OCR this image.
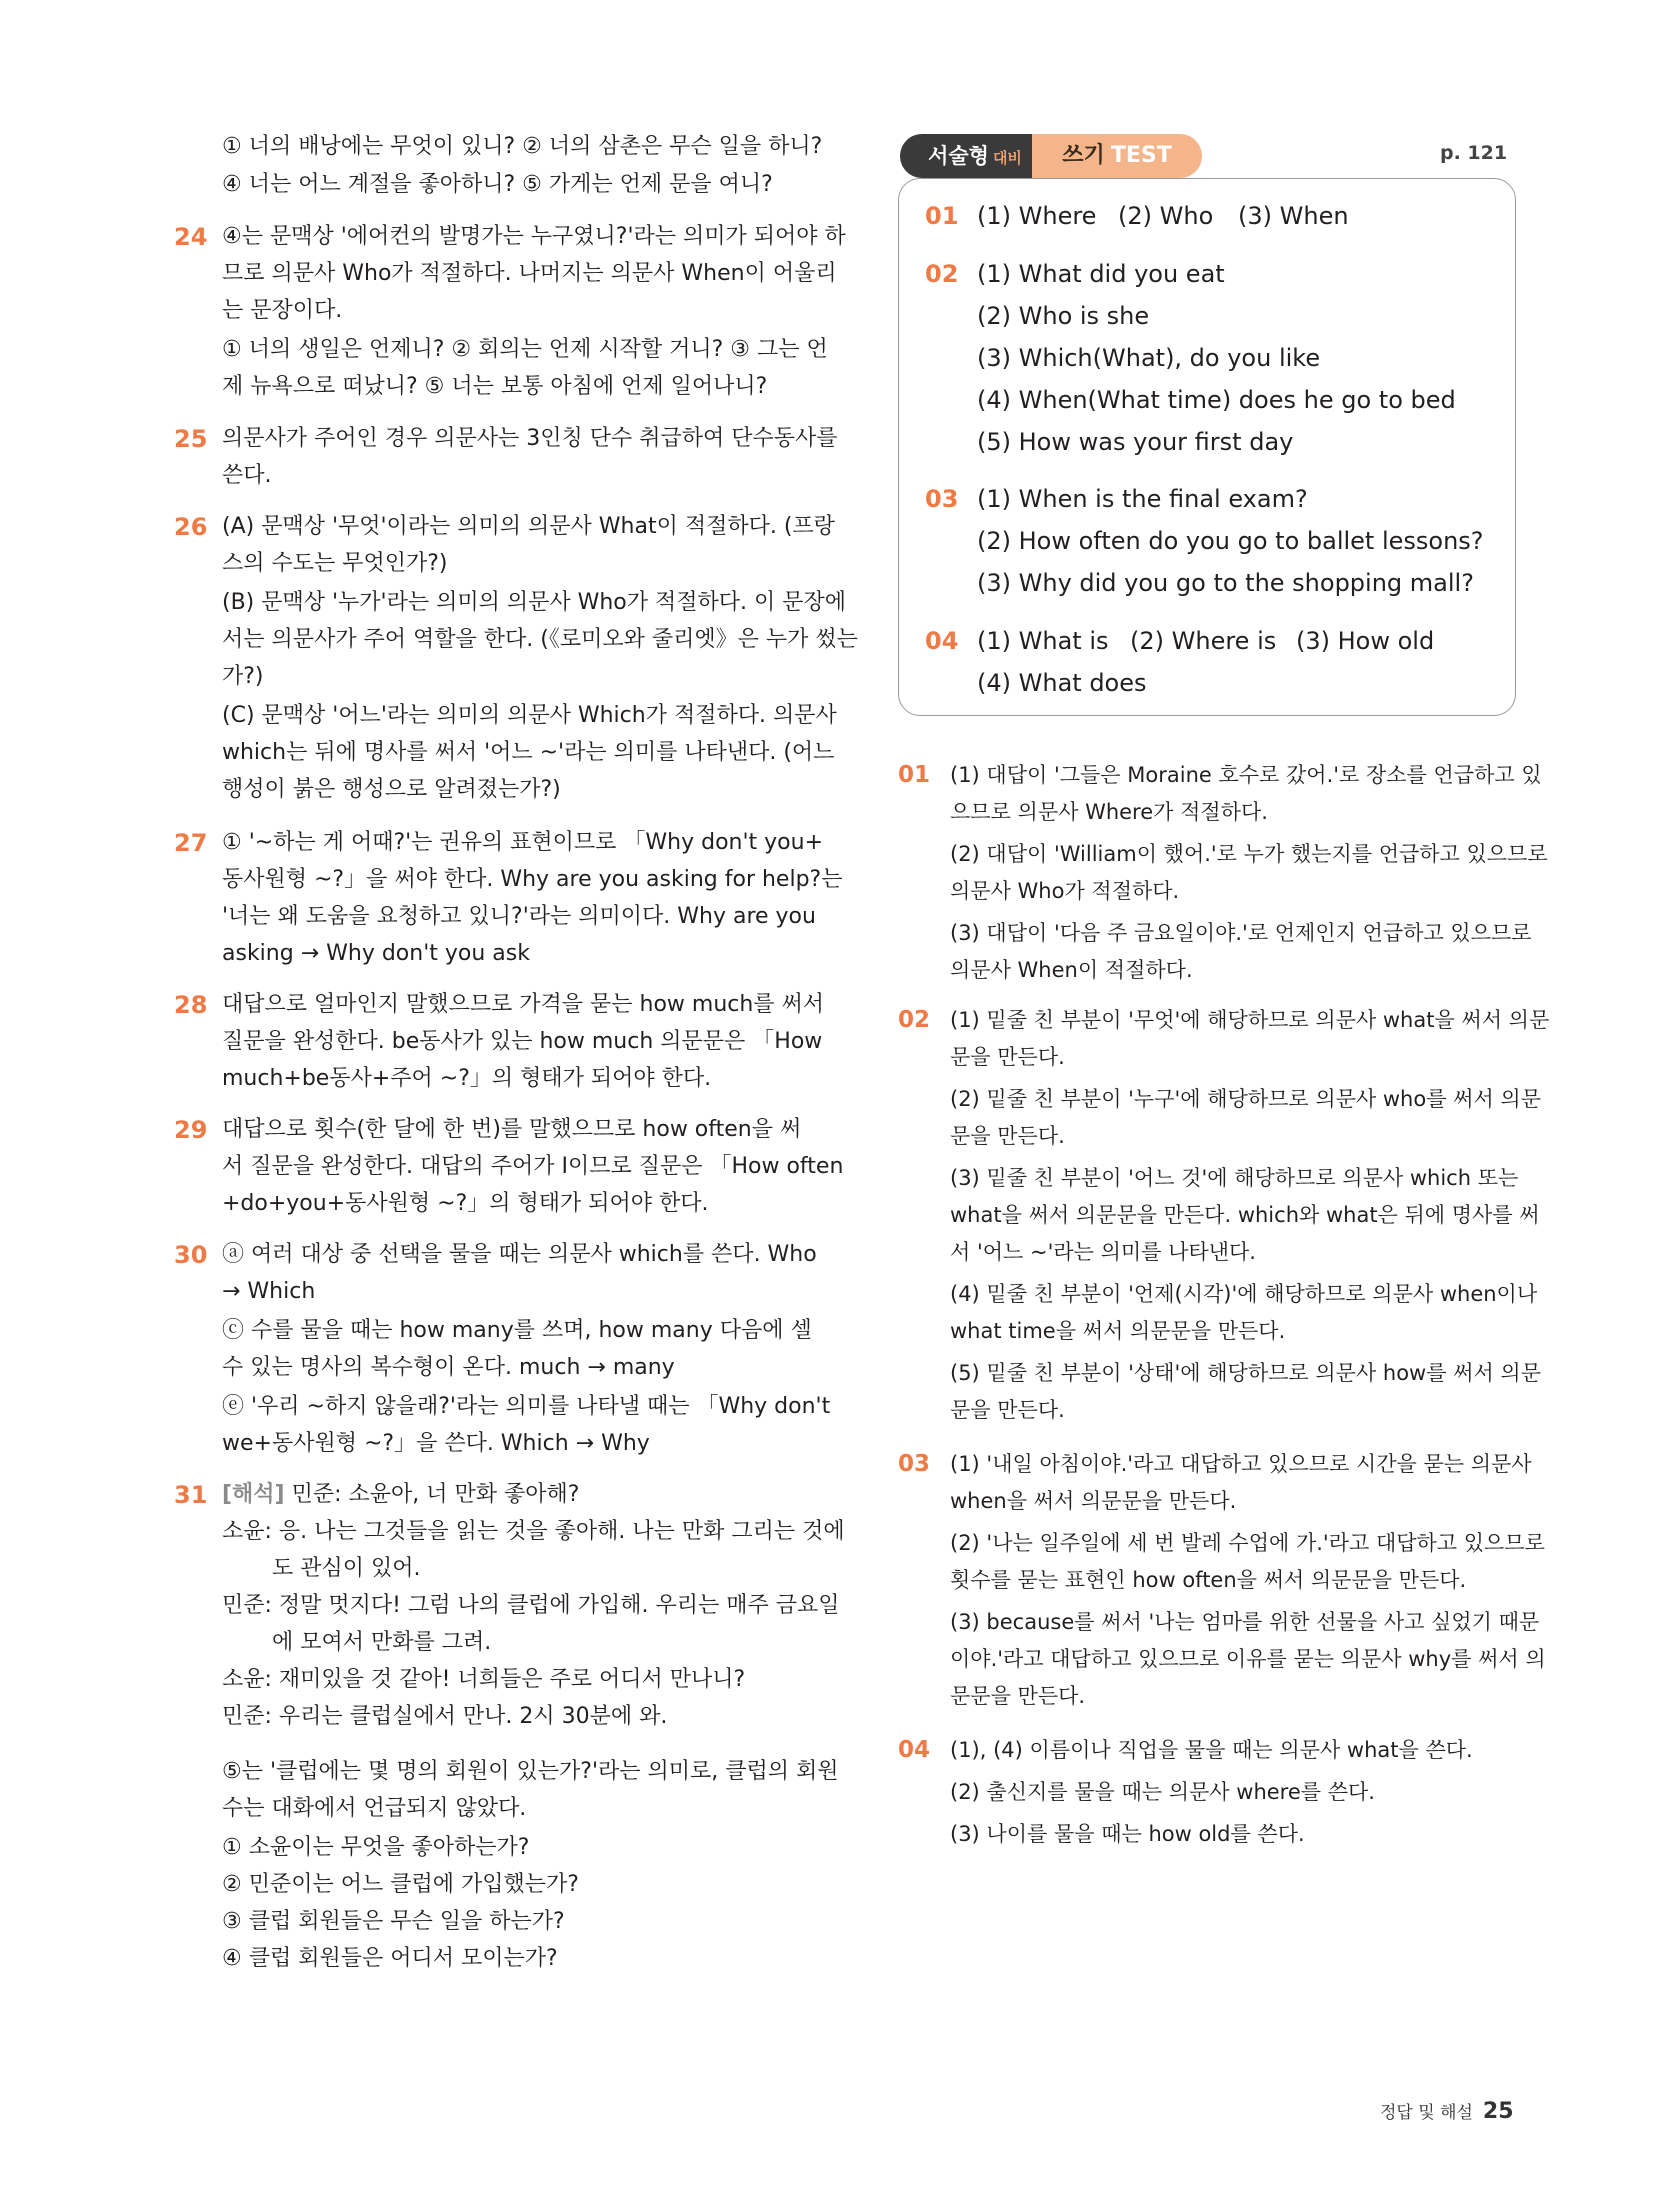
① 너의 배낭에는 무엇이 있니? ② 너의 삼촌은 무슨 일을 하니?
④ 너는 어느 계절을 좋아하니? ⑤ 가게는 언제 문을 여니?
24 ④는 문맥상 '에어컨의 발명가는 누구였니?'라는 의미가 되어야 하
므로 의문사 Who가 적절하다. 나머지는 의문사 When이 어울리
는 문장이다.
① 너의 생일은 언제니? ② 회의는 언제 시작할 거니? ③ 그는 언
제 뉴욕으로 떠났니? ⑤ 너는 보통 아침에 언제 일어나니?
25 의문사가 주어인 경우 의문사는 3인칭 단수 취급하여 단수동사를
쓴다.
26 (A) 문맥상 '무엇'이라는 의미의 의문사 What이 적절하다. (프랑
스의 수도는 무엇인가?)
(B) 문맥상 '누가'라는 의미의 의문사 Who가 적절하다. 이 문장에
서는 의문사가 주어 역할을 한다. (《로미오와 줄리엣》은 누가 썼는
가?)
(C) 문맥상 '어느'라는 의미의 의문사 Which가 적절하다. 의문사
which는 뒤에 명사를 써서 '어느 ~'라는 의미를 나타낸다. (어느
행성이 붉은 행성으로 알려졌는가?)
27 ① '~하는 게 어때?'는 권유의 표현이므로 「Why don't you+
동사원형 ~?」을 써야 한다. Why are you asking for help?는
'너는 왜 도움을 요청하고 있니?'라는 의미이다. Why are you
asking → Why don't you ask
28 대답으로 얼마인지 말했으므로 가격을 묻는 how much를 써서
질문을 완성한다. be동사가 있는 how much 의문문은 「How
much+be동사+주어 ~?」의 형태가 되어야 한다.
29 대답으로 횟수(한 달에 한 번)를 말했으므로 how often을 써
서 질문을 완성한다. 대답의 주어가 I이므로 질문은 「How often
+do+you+동사원형 ~?」의 형태가 되어야 한다.
30 ⓐ 여러 대상 중 선택을 물을 때는 의문사 which를 쓴다. Who
→ Which
ⓒ 수를 물을 때는 how many를 쓰며, how many 다음에 셀
수 있는 명사의 복수형이 온다. much → many
ⓔ '우리 ~하지 않을래?'라는 의미를 나타낼 때는 「Why don't
we+동사원형 ~?」을 쓴다. Which → Why
31 [해석] 민준: 소윤아, 너 만화 좋아해?
소윤: 응. 나는 그것들을 읽는 것을 좋아해. 나는 만화 그리는 것에
도 관심이 있어.
민준: 정말 멋지다! 그럼 나의 클럽에 가입해. 우리는 매주 금요일
에 모여서 만화를 그려.
소윤: 재미있을 것 같아! 너희들은 주로 어디서 만나니?
민준: 우리는 클럽실에서 만나. 2시 30분에 와.
⑤는 '클럽에는 몇 명의 회원이 있는가?'라는 의미로, 클럽의 회원
수는 대화에서 언급되지 않았다.
① 소윤이는 무엇을 좋아하는가?
② 민준이는 어느 클럽에 가입했는가?
③ 클럽 회원들은 무슨 일을 하는가?
④ 클럽 회원들은 어디서 모이는가?
서술형 대비	쓰기 TEST	p. 121
01 (1) Where (2) Who (3) When
02 (1) What did you eat
(2) Who is she
(3) Which(What), do you like
(4) When(What time) does he go to bed
(5) How was your first day
03 (1) When is the final exam?
(2) How often do you go to ballet lessons?
(3) Why did you go to the shopping mall?
04 (1) What is (2) Where is (3) How old
(4) What does
01 (1) 대답이 '그들은 Moraine 호수로 갔어.'로 장소를 언급하고 있
으므로 의문사 Where가 적절하다.
(2) 대답이 'William이 했어.'로 누가 했는지를 언급하고 있으므로
의문사 Who가 적절하다.
(3) 대답이 '다음 주 금요일이야.'로 언제인지 언급하고 있으므로
의문사 When이 적절하다.
02 (1) 밑줄 친 부분이 '무엇'에 해당하므로 의문사 what을 써서 의문
문을 만든다.
(2) 밑줄 친 부분이 '누구'에 해당하므로 의문사 who를 써서 의문
문을 만든다.
(3) 밑줄 친 부분이 '어느 것'에 해당하므로 의문사 which 또는
what을 써서 의문문을 만든다. which와 what은 뒤에 명사를 써
서 '어느 ~'라는 의미를 나타낸다.
(4) 밑줄 친 부분이 '언제(시각)'에 해당하므로 의문사 when이나
what time을 써서 의문문을 만든다.
(5) 밑줄 친 부분이 '상태'에 해당하므로 의문사 how를 써서 의문
문을 만든다.
03 (1) '내일 아침이야.'라고 대답하고 있으므로 시간을 묻는 의문사
when을 써서 의문문을 만든다.
(2) '나는 일주일에 세 번 발레 수업에 가.'라고 대답하고 있으므로
횟수를 묻는 표현인 how often을 써서 의문문을 만든다.
(3) because를 써서 '나는 엄마를 위한 선물을 사고 싶었기 때문
이야.'라고 대답하고 있으므로 이유를 묻는 의문사 why를 써서 의
문문을 만든다.
04 (1), (4) 이름이나 직업을 물을 때는 의문사 what을 쓴다.
(2) 출신지를 물을 때는 의문사 where를 쓴다.
(3) 나이를 물을 때는 how old를 쓴다.
정답 및 해설 25
